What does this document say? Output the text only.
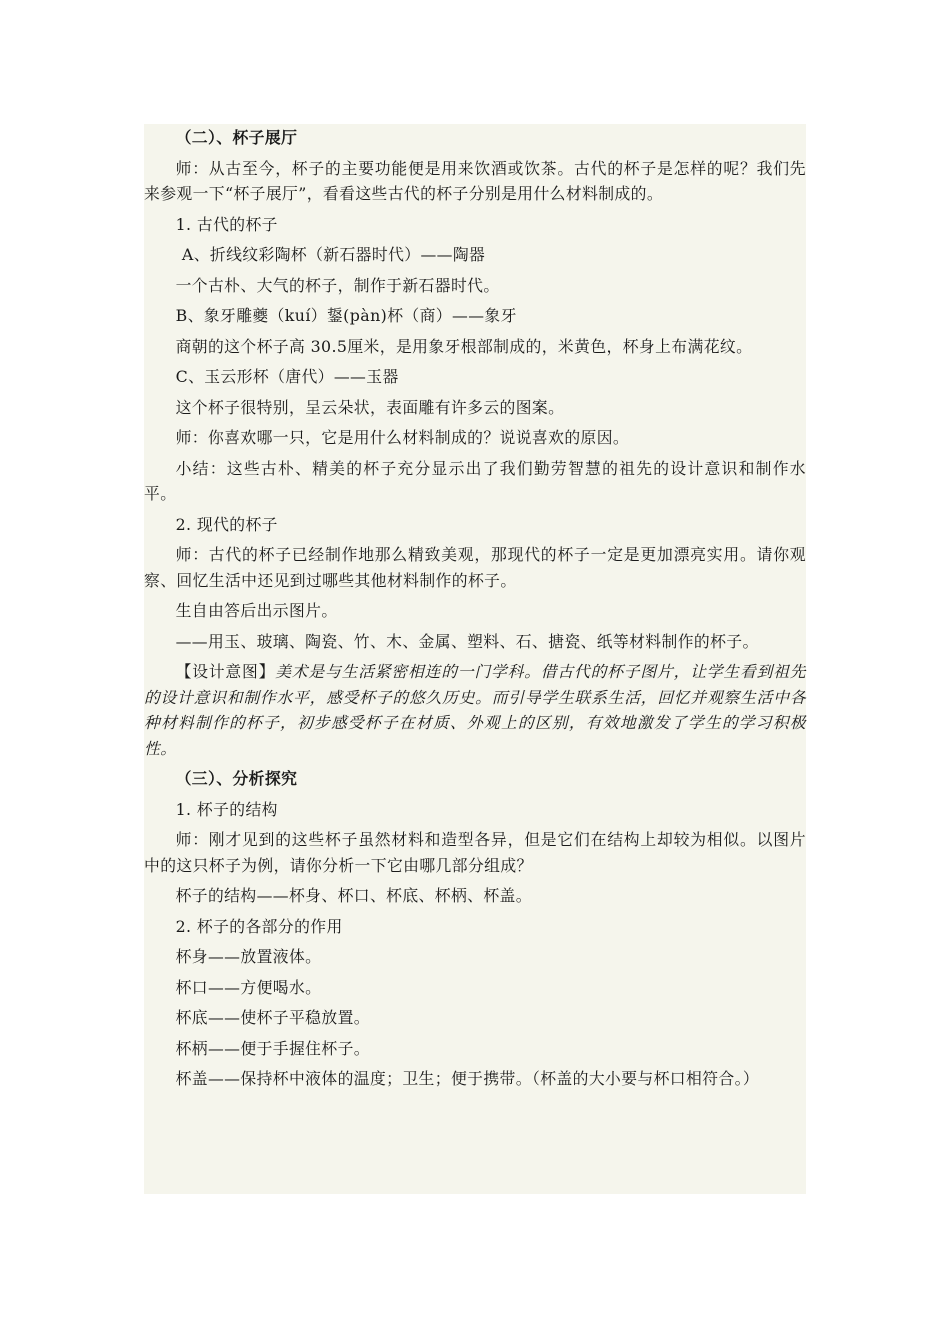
（二）、杯子展厅

师：从古至今，杯子的主要功能便是用来饮酒或饮茶。古代的杯子是怎样的呢？我们先来参观一下“杯子展厅”，看看这些古代的杯子分别是用什么材料制成的。

1. 古代的杯子

A、折线纹彩陶杯（新石器时代）——陶器

一个古朴、大气的杯子，制作于新石器时代。

B、象牙雕夔（kuí）鋬(pàn)杯（商）——象牙

商朝的这个杯子高 30.5厘米，是用象牙根部制成的，米黄色，杯身上布满花纹。

C、玉云形杯（唐代）——玉器

这个杯子很特别，呈云朵状，表面雕有许多云的图案。

师：你喜欢哪一只，它是用什么材料制成的？说说喜欢的原因。

小结：这些古朴、精美的杯子充分显示出了我们勤劳智慧的祖先的设计意识和制作水平。

2. 现代的杯子

师：古代的杯子已经制作地那么精致美观，那现代的杯子一定是更加漂亮实用。请你观察、回忆生活中还见到过哪些其他材料制作的杯子。

生自由答后出示图片。

——用玉、玻璃、陶瓷、竹、木、金属、塑料、石、搪瓷、纸等材料制作的杯子。

【设计意图】美术是与生活紧密相连的一门学科。借古代的杯子图片，让学生看到祖先的设计意识和制作水平，感受杯子的悠久历史。而引导学生联系生活，回忆并观察生活中各种材料制作的杯子，初步感受杯子在材质、外观上的区别，有效地激发了学生的学习积极性。

（三）、分析探究

1. 杯子的结构

师：刚才见到的这些杯子虽然材料和造型各异，但是它们在结构上却较为相似。以图片中的这只杯子为例，请你分析一下它由哪几部分组成？

杯子的结构——杯身、杯口、杯底、杯柄、杯盖。

2. 杯子的各部分的作用

杯身——放置液体。

杯口——方便喝水。

杯底——使杯子平稳放置。

杯柄——便于手握住杯子。

杯盖——保持杯中液体的温度；卫生；便于携带。（杯盖的大小要与杯口相符合。）
